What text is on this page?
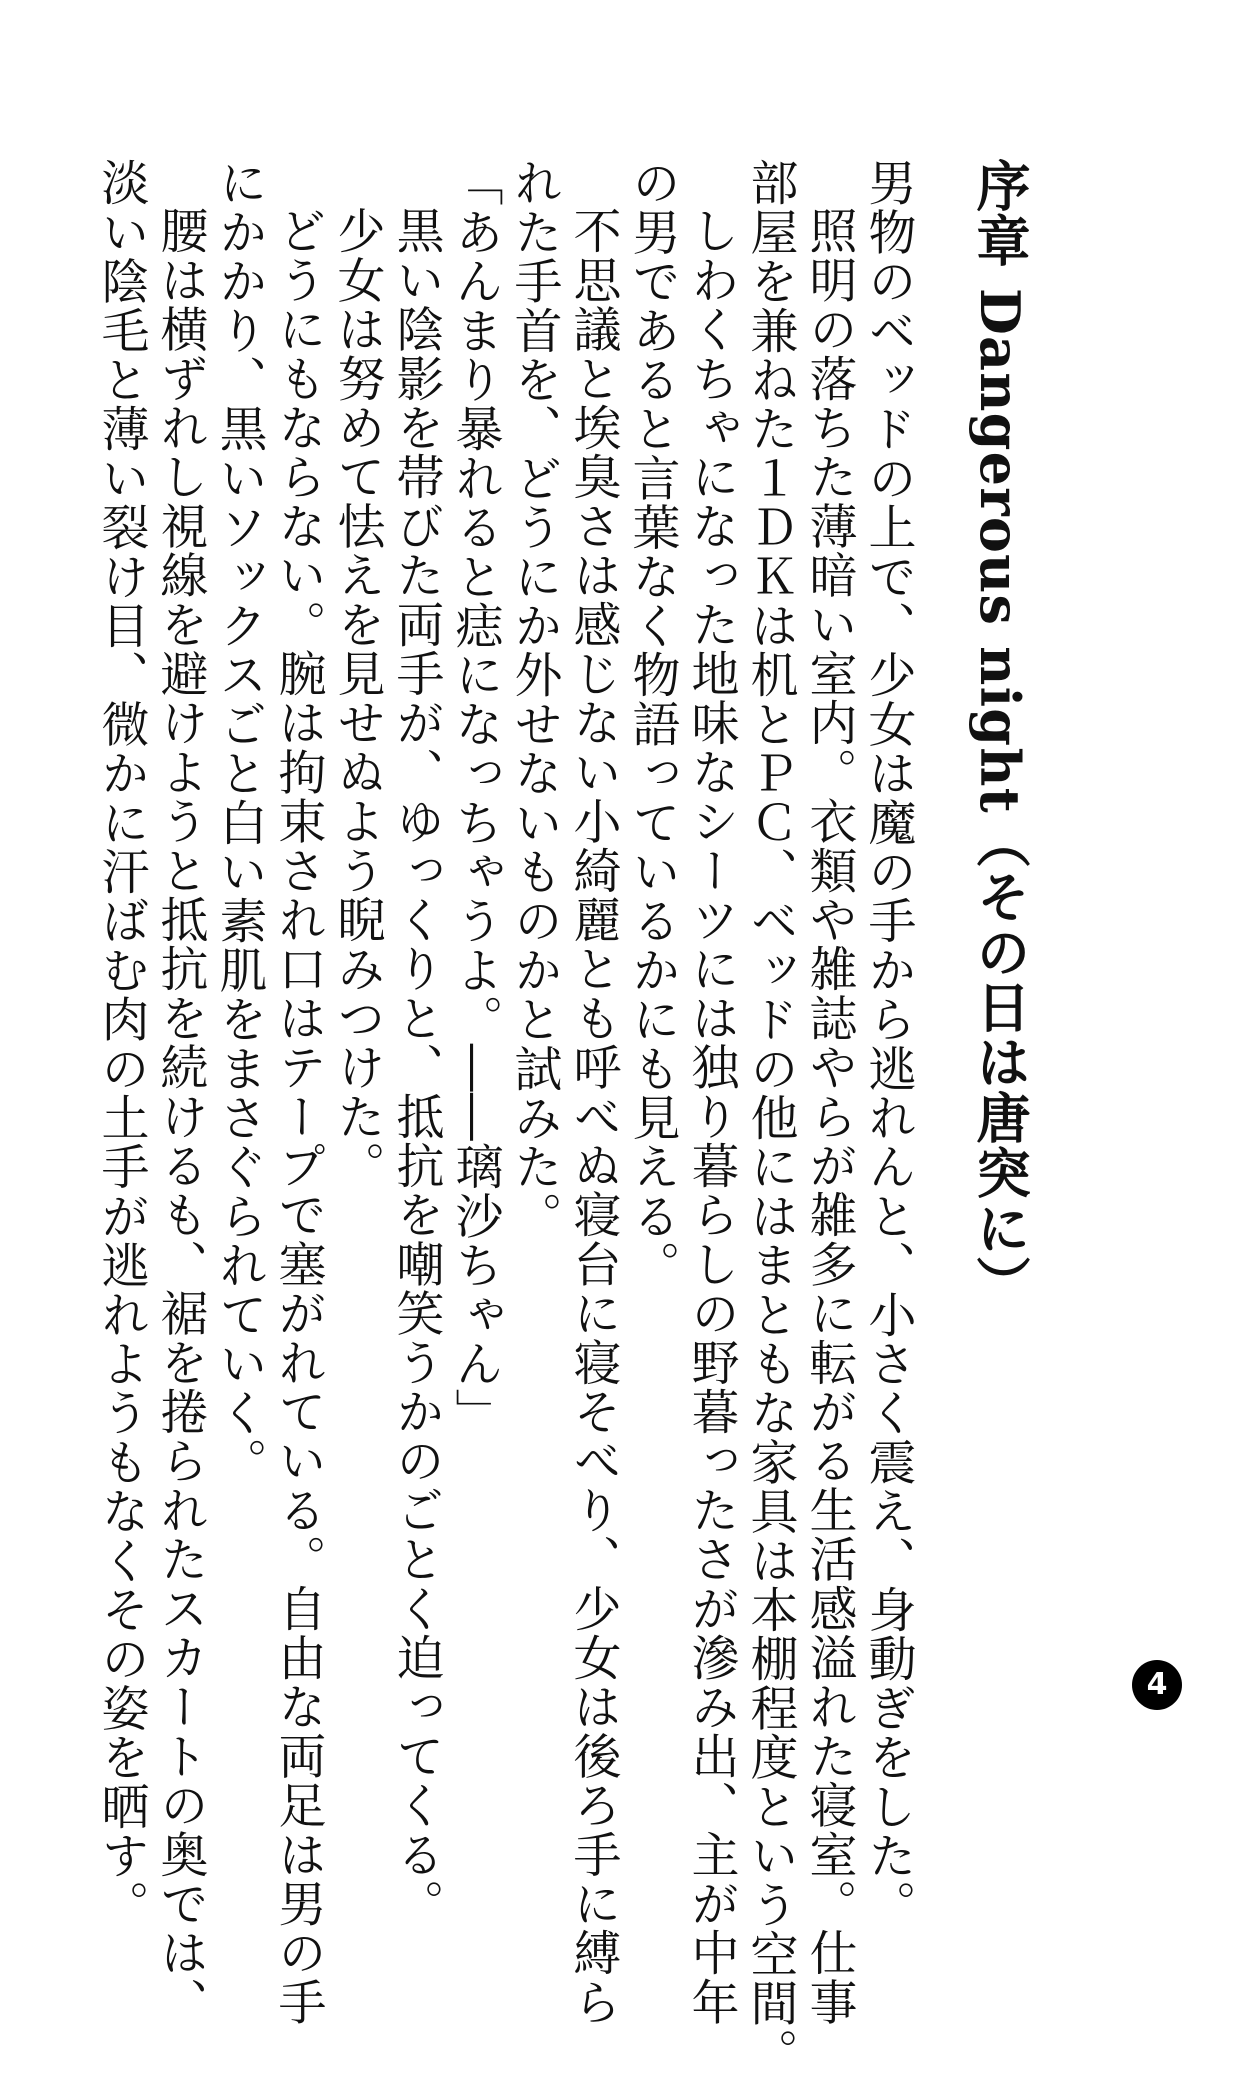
序章Dangerous night（その日は唐突に）
男物のベッドの上で、少女は魔の手から逃れんと、小さく震え、身動ぎをした。
照明の落ちた薄暗い室内。衣類や雑誌やらが雑多に転がる生活感溢れた寝室。仕事
部屋を兼ねた１ＤＫは机とＰＣ、ベッドの他にはまともな家具は本棚程度という空間。
しわくちゃになった地味なシーツには独り暮らしの野暮ったさが滲み出、主が中年
の男であると言葉なく物語っているかにも見える。
不思議と埃臭さは感じない小綺麗とも呼べぬ寝台に寝そべり、少女は後ろ手に縛ら
れた手首を、どうにか外せないものかと試みた。
「あんまり暴れると痣になっちゃうよ。――璃沙ちゃん」
黒い陰影を帯びた両手が、ゆっくりと、抵抗を嘲笑うかのごとく迫ってくる。
少女は努めて怯えを見せぬよう睨みつけた。
どうにもならない。腕は拘束され口はテープで塞がれている。自由な両足は男の手
にかかり、黒いソックスごと白い素肌をまさぐられていく。
腰は横ずれし視線を避けようと抵抗を続けるも、裾を捲られたスカートの奥では、
淡い陰毛と薄い裂け目、微かに汗ばむ肉の土手が逃れようもなくその姿を晒す。	4
